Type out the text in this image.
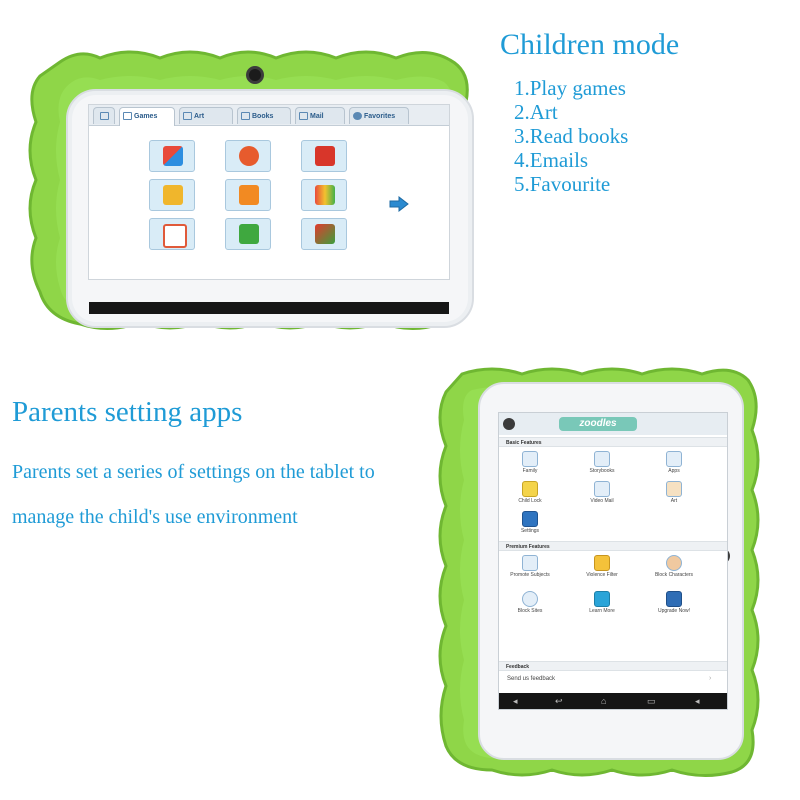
Children mode
1.Play games
2.Art
3.Read books
4.Emails
5.Favourite
Parents setting apps
Parents set a series of settings on the tablet to manage the child's use environment
Games	Art	Books	Mail	Favorites
zoodles
Basic Features
Family	Storybooks	Apps
Child Lock	Video Mail	Art
Settings
Premium Features
Promote Subjects	Violence Filter	Block Characters
Block Sites	Learn More	Upgrade Now!
Feedback
Send us feedback	›
◂	↩	⌂	▭	◂
